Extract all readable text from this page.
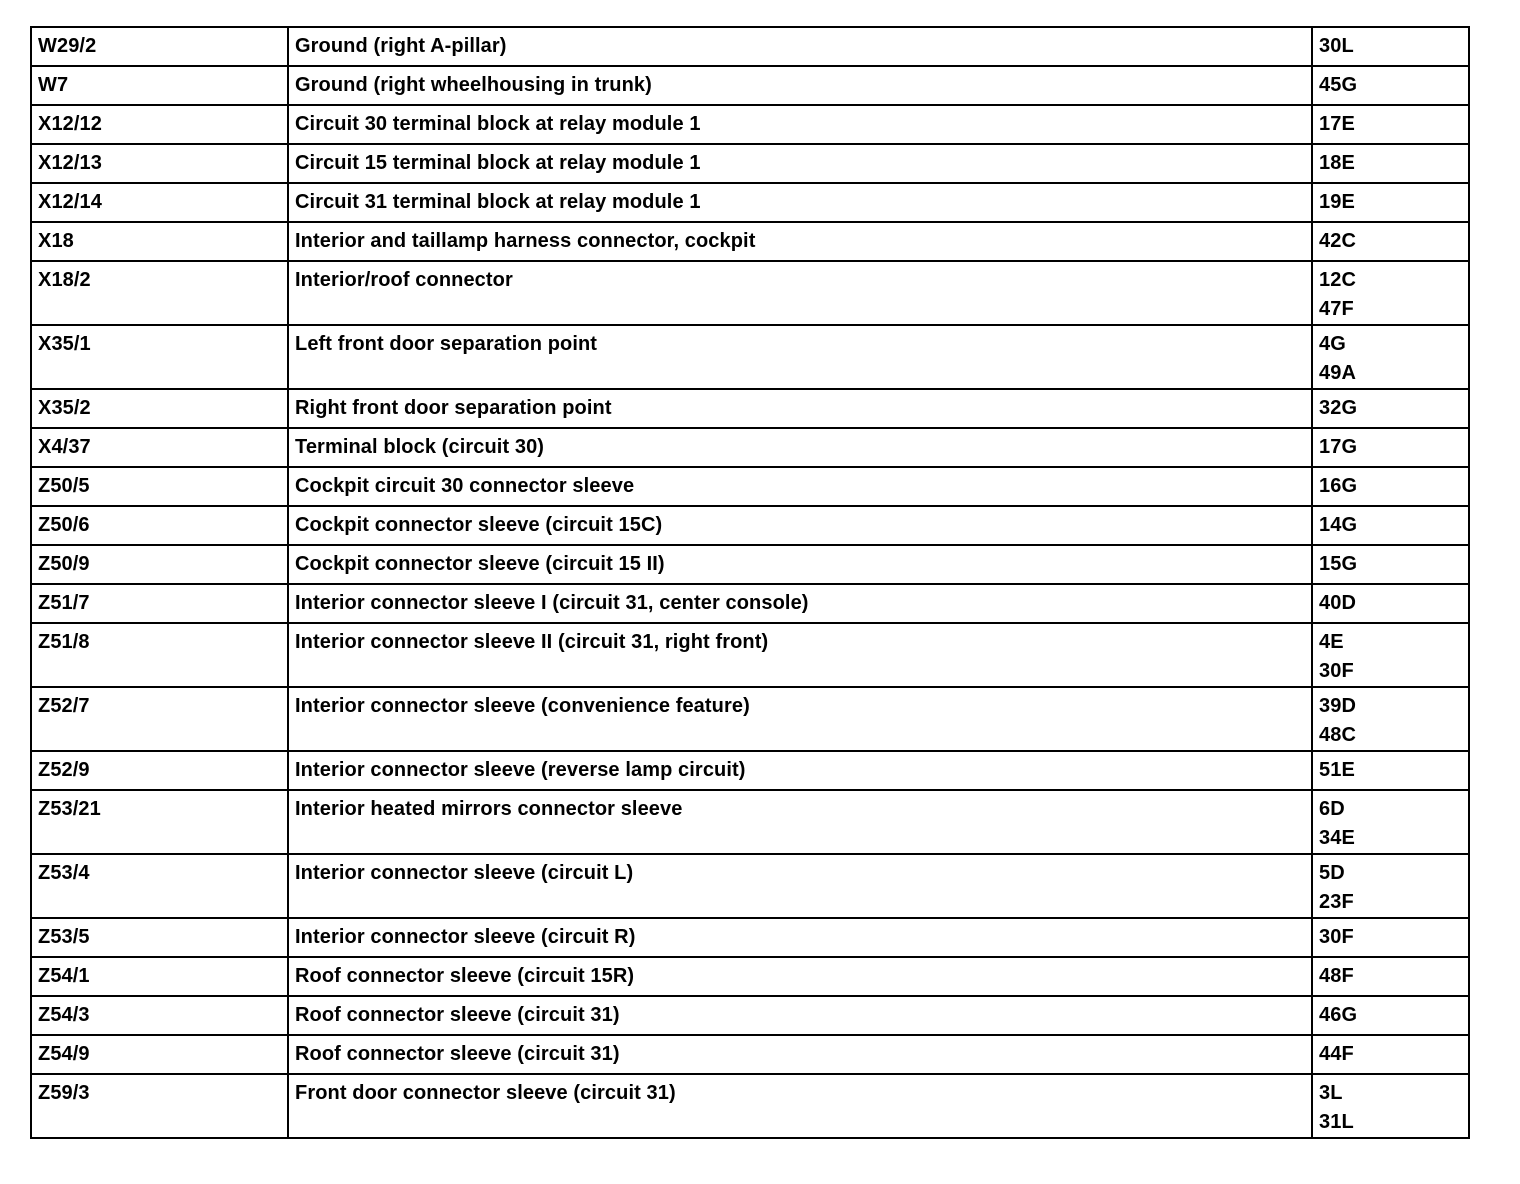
W29/2	Ground (right A-pillar)	30L

W7	Ground (right wheelhousing in trunk)	45G

X12/12	Circuit 30 terminal block at relay module 1	17E

X12/13	Circuit 15 terminal block at relay module 1	18E

X12/14	Circuit 31 terminal block at relay module 1	19E

X18	Interior and taillamp harness connector, cockpit	42C

X18/2	Interior/roof connector	12C
47F

X35/1	Left front door separation point	4G
49A

X35/2	Right front door separation point	32G

X4/37	Terminal block (circuit 30)	17G

Z50/5	Cockpit circuit 30 connector sleeve	16G

Z50/6	Cockpit connector sleeve (circuit 15C)	14G

Z50/9	Cockpit connector sleeve (circuit 15 II)	15G

Z51/7	Interior connector sleeve I (circuit 31, center console)	40D

Z51/8	Interior connector sleeve II (circuit 31, right front)	4E
30F

Z52/7	Interior connector sleeve (convenience feature)	39D
48C

Z52/9	Interior connector sleeve (reverse lamp circuit)	51E

Z53/21	Interior heated mirrors connector sleeve	6D
34E

Z53/4	Interior connector sleeve (circuit L)	5D
23F

Z53/5	Interior connector sleeve (circuit R)	30F

Z54/1	Roof connector sleeve (circuit 15R)	48F

Z54/3	Roof connector sleeve (circuit 31)	46G

Z54/9	Roof connector sleeve (circuit 31)	44F

Z59/3	Front door connector sleeve (circuit 31)	3L
31L
